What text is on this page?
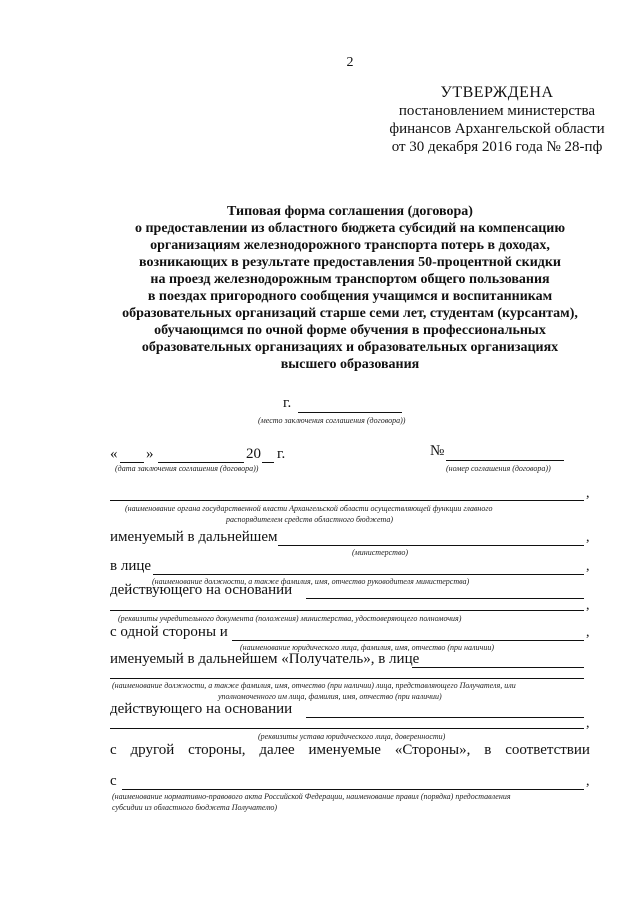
2
УТВЕРЖДЕНА
постановлением министерства
финансов Архангельской области
от 30 декабря 2016 года № 28-пф
Типовая форма соглашения (договора)
о предоставлении из областного бюджета субсидий на компенсацию
организациям железнодорожного транспорта потерь в доходах,
возникающих в результате предоставления 50-процентной скидки
на проезд железнодорожным транспортом общего пользования
в поездах пригородного сообщения учащимся и воспитанникам
образовательных организаций старше семи лет, студентам (курсантам),
обучающимся по очной форме обучения в профессиональных
образовательных организациях и образовательных организациях
высшего образования
г.
(место заключения соглашения (договора))
« »	20 г.
(дата заключения соглашения (договора))
№
(номер соглашения (договора))
,
(наименование органа государственной власти Архангельской области осуществляющей функции главного
распорядителем средств областного бюджета)
именуемый в дальнейшем	,
(министерство)
в лице	,
(наименование должности, а также фамилия, имя, отчество руководителя министерства)
действующего на основании
,
(реквизиты учредительного документа (положения) министерства, удостоверяющего полномочия)
с одной стороны и	,
(наименование юридического лица, фамилия, имя, отчество (при наличии)
именуемый в дальнейшем «Получатель», в лице
(наименование должности, а также фамилия, имя, отчество (при наличии) лица, представляющего Получателя, или
уполномоченного им лица, фамилия, имя, отчество (при наличии)
действующего на основании
,
(реквизиты устава юридического лица, доверенности)
с другой стороны, далее именуемые «Стороны», в соответствии
с	,
(наименование нормативно-правового акта Российской Федерации, наименование правил (порядка) предоставления
субсидии из областного бюджета Получателю)
